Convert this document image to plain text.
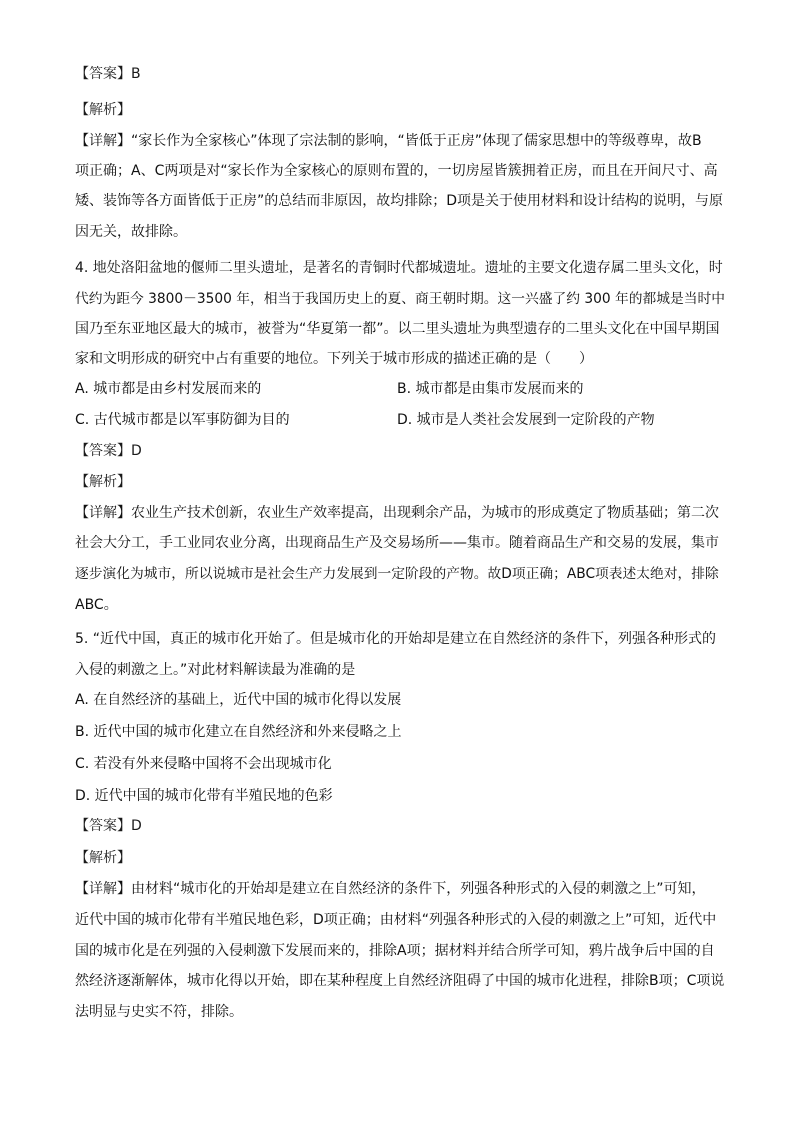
【答案】B
【解析】
【详解】“家长作为全家核心”体现了宗法制的影响，“皆低于正房”体现了儒家思想中的等级尊卑，故B
项正确；A、C两项是对“家长作为全家核心的原则布置的，一切房屋皆簇拥着正房，而且在开间尺寸、高
矮、装饰等各方面皆低于正房”的总结而非原因，故均排除；D项是关于使用材料和设计结构的说明，与原
因无关，故排除。
4. 地处洛阳盆地的偃师二里头遗址，是著名的青铜时代都城遗址。遗址的主要文化遗存属二里头文化，时
代约为距今 3800－3500 年，相当于我国历史上的夏、商王朝时期。这一兴盛了约 300 年的都城是当时中
国乃至东亚地区最大的城市，被誉为“华夏第一都”。以二里头遗址为典型遗存的二里头文化在中国早期国
家和文明形成的研究中占有重要的地位。下列关于城市形成的描述正确的是（　　）
A. 城市都是由乡村发展而来的	B. 城市都是由集市发展而来的
C. 古代城市都是以军事防御为目的	D. 城市是人类社会发展到一定阶段的产物
【答案】D
【解析】
【详解】农业生产技术创新，农业生产效率提高，出现剩余产品，为城市的形成奠定了物质基础；第二次
社会大分工，手工业同农业分离，出现商品生产及交易场所——集市。随着商品生产和交易的发展，集市
逐步演化为城市，所以说城市是社会生产力发展到一定阶段的产物。故D项正确；ABC项表述太绝对，排除
ABC。
5. “近代中国，真正的城市化开始了。但是城市化的开始却是建立在自然经济的条件下，列强各种形式的
入侵的刺激之上。”对此材料解读最为准确的是
A. 在自然经济的基础上，近代中国的城市化得以发展
B. 近代中国的城市化建立在自然经济和外来侵略之上
C. 若没有外来侵略中国将不会出现城市化
D. 近代中国的城市化带有半殖民地的色彩
【答案】D
【解析】
【详解】由材料“城市化的开始却是建立在自然经济的条件下，列强各种形式的入侵的刺激之上”可知，
近代中国的城市化带有半殖民地色彩，D项正确；由材料“列强各种形式的入侵的刺激之上”可知，近代中
国的城市化是在列强的入侵刺激下发展而来的，排除A项；据材料并结合所学可知，鸦片战争后中国的自
然经济逐渐解体，城市化得以开始，即在某种程度上自然经济阻碍了中国的城市化进程，排除B项；C项说
法明显与史实不符，排除。
